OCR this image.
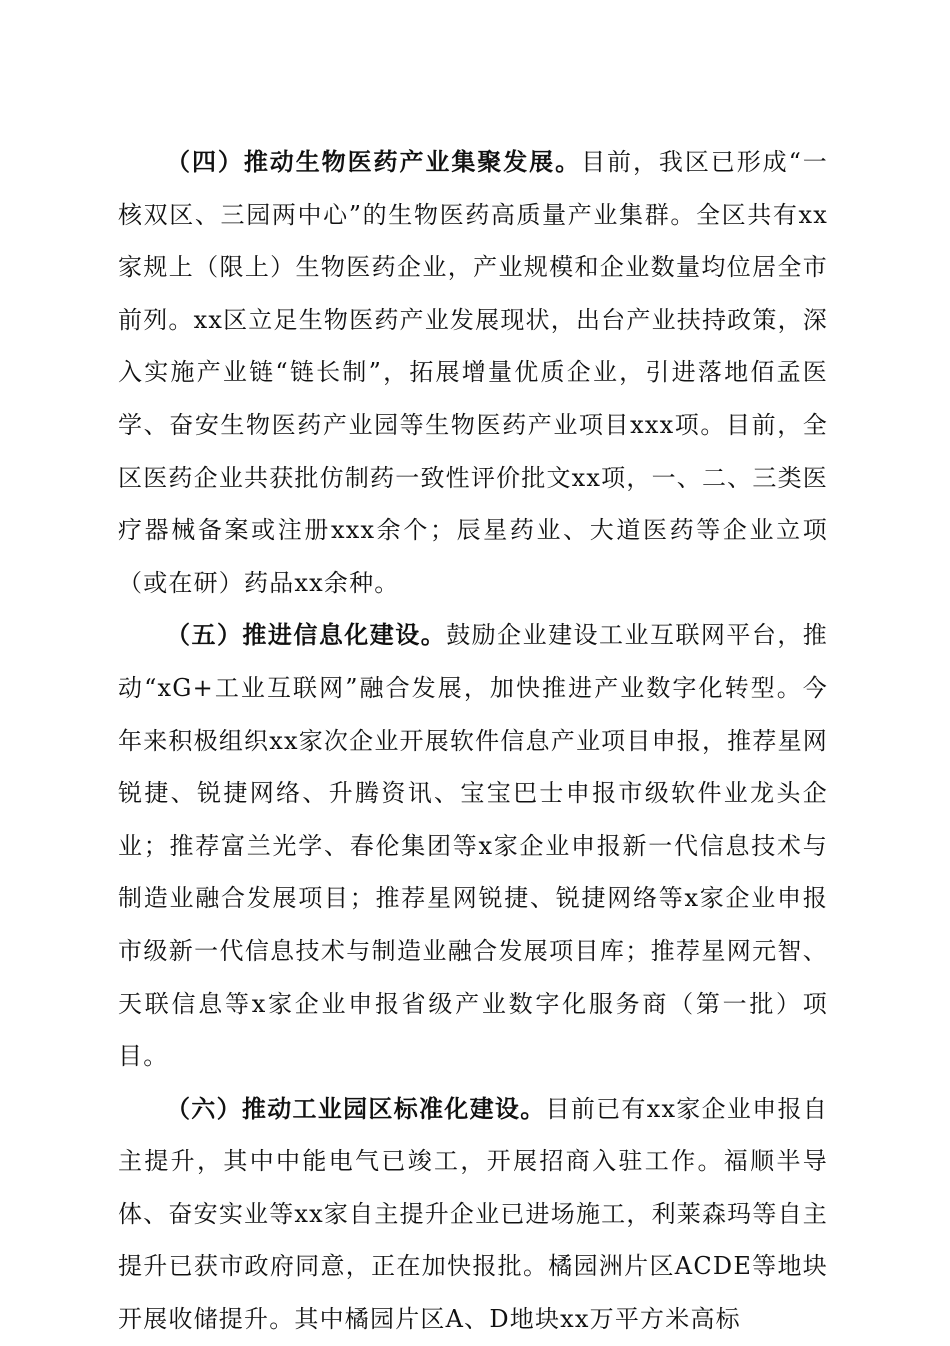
（四）推动生物医药产业集聚发展。目前，我区已形成“一核双区、三园两中心”的生物医药高质量产业集群。全区共有xx家规上（限上）生物医药企业，产业规模和企业数量均位居全市前列。xx区立足生物医药产业发展现状，出台产业扶持政策，深入实施产业链“链长制”，拓展增量优质企业，引进落地佰孟医学、奋安生物医药产业园等生物医药产业项目xxx项。目前，全区医药企业共获批仿制药一致性评价批文xx项，一、二、三类医疗器械备案或注册xxx余个；辰星药业、大道医药等企业立项（或在研）药品xx余种。

（五）推进信息化建设。鼓励企业建设工业互联网平台，推动“xG+工业互联网”融合发展，加快推进产业数字化转型。今年来积极组织xx家次企业开展软件信息产业项目申报，推荐星网锐捷、锐捷网络、升腾资讯、宝宝巴士申报市级软件业龙头企业；推荐富兰光学、春伦集团等x家企业申报新一代信息技术与制造业融合发展项目；推荐星网锐捷、锐捷网络等x家企业申报市级新一代信息技术与制造业融合发展项目库；推荐星网元智、天联信息等x家企业申报省级产业数字化服务商（第一批）项目。

（六）推动工业园区标准化建设。目前已有xx家企业申报自主提升，其中中能电气已竣工，开展招商入驻工作。福顺半导体、奋安实业等xx家自主提升企业已进场施工，利莱森玛等自主提升已获市政府同意，正在加快报批。橘园洲片区ACDE等地块开展收储提升。其中橘园片区A、D地块xx万平方米高标
